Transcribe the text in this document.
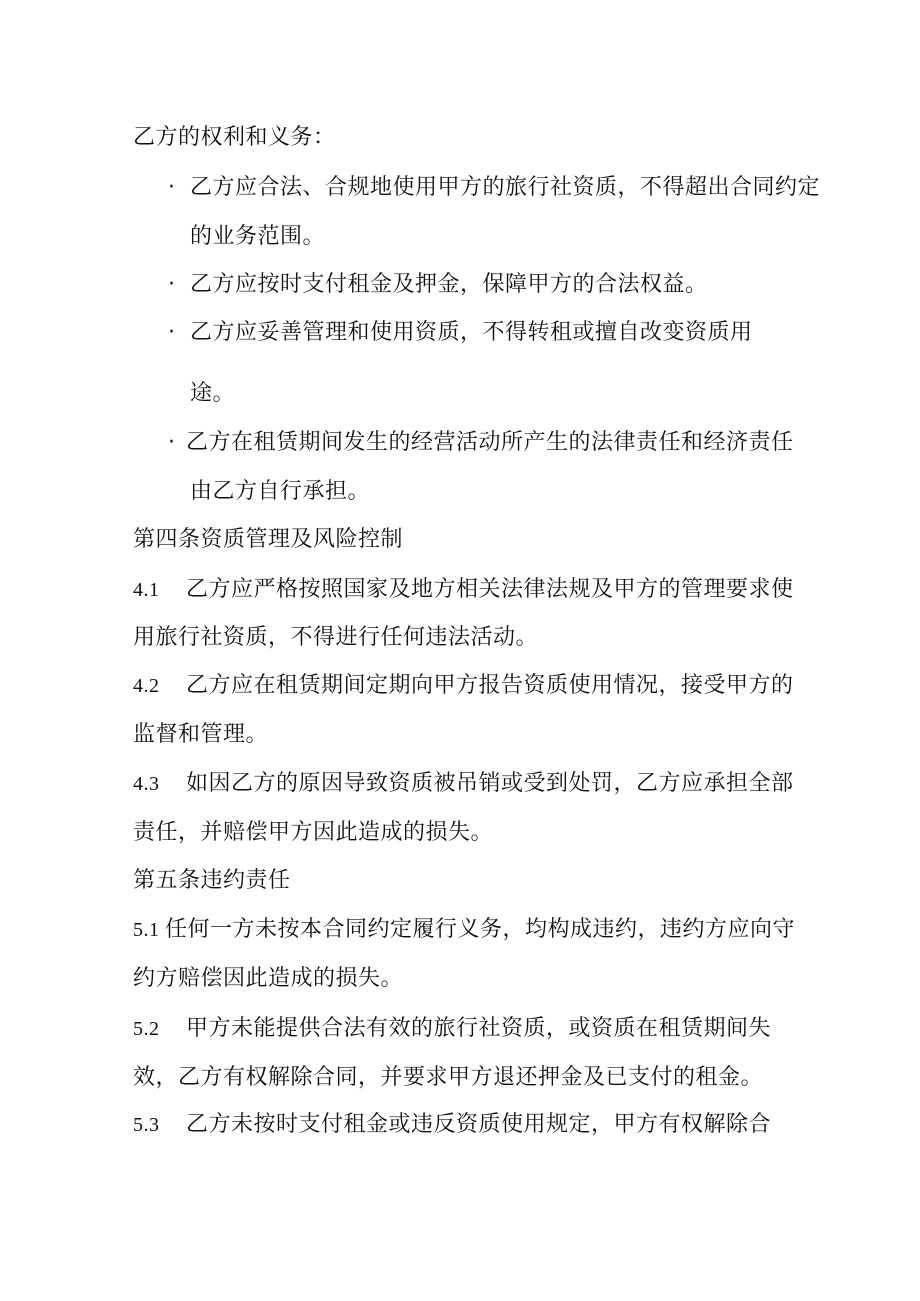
乙方的权利和义务：
· 乙方应合法、合规地使用甲方的旅行社资质，不得超出合同约定
的业务范围。
· 乙方应按时支付租金及押金，保障甲方的合法权益。
· 乙方应妥善管理和使用资质，不得转租或擅自改变资质用
途。
· 乙方在租赁期间发生的经营活动所产生的法律责任和经济责任
由乙方自行承担。
第四条资质管理及风险控制
4.1 乙方应严格按照国家及地方相关法律法规及甲方的管理要求使
用旅行社资质，不得进行任何违法活动。
4.2 乙方应在租赁期间定期向甲方报告资质使用情况，接受甲方的
监督和管理。
4.3 如因乙方的原因导致资质被吊销或受到处罚，乙方应承担全部
责任，并赔偿甲方因此造成的损失。
第五条违约责任
5.1 任何一方未按本合同约定履行义务，均构成违约，违约方应向守
约方赔偿因此造成的损失。
5.2 甲方未能提供合法有效的旅行社资质，或资质在租赁期间失
效，乙方有权解除合同，并要求甲方退还押金及已支付的租金。
5.3 乙方未按时支付租金或违反资质使用规定，甲方有权解除合
